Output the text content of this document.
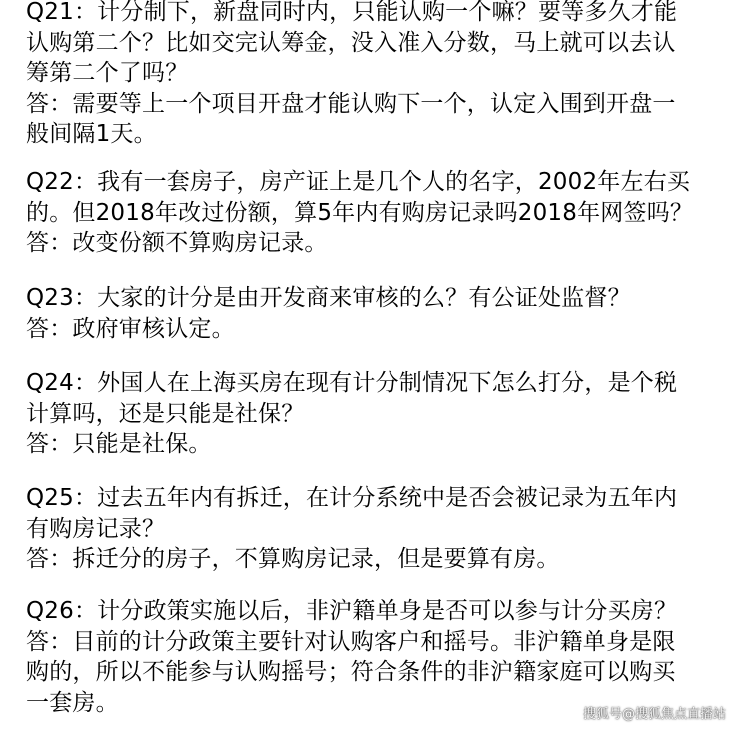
Q21：计分制下，新盘同时内，只能认购一个嘛？要等多久才能
认购第二个？比如交完认筹金，没入准入分数，马上就可以去认
筹第二个了吗？
答：需要等上一个项目开盘才能认购下一个，认定入围到开盘一
般间隔1天。
Q22：我有一套房子，房产证上是几个人的名字，2002年左右买
的。但2018年改过份额，算5年内有购房记录吗2018年网签吗？
答：改变份额不算购房记录。
Q23：大家的计分是由开发商来审核的么？有公证处监督？
答：政府审核认定。
Q24：外国人在上海买房在现有计分制情况下怎么打分，是个税
计算吗，还是只能是社保？
答：只能是社保。
Q25：过去五年内有拆迁，在计分系统中是否会被记录为五年内
有购房记录？
答：拆迁分的房子，不算购房记录，但是要算有房。
Q26：计分政策实施以后，非沪籍单身是否可以参与计分买房？
答：目前的计分政策主要针对认购客户和摇号。非沪籍单身是限
购的，所以不能参与认购摇号；符合条件的非沪籍家庭可以购买
一套房。	搜狐号@搜狐焦点直播站
